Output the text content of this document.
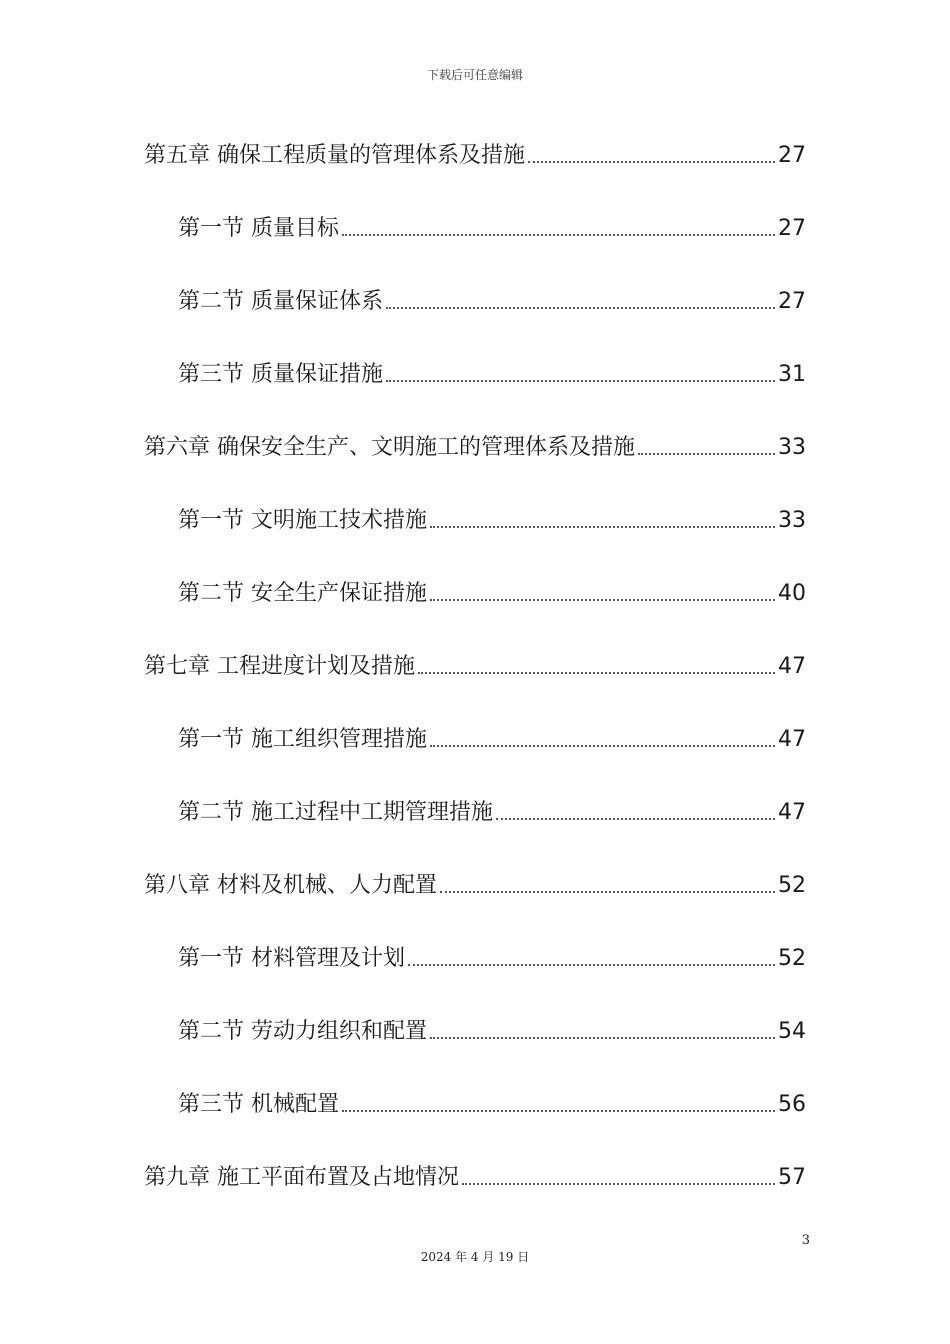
下载后可任意编辑
第五章 确保工程质量的管理体系及措施	27
第一节 质量目标	27
第二节 质量保证体系	27
第三节 质量保证措施	31
第六章 确保安全生产、文明施工的管理体系及措施	33
第一节 文明施工技术措施	33
第二节 安全生产保证措施	40
第七章 工程进度计划及措施	47
第一节 施工组织管理措施	47
第二节 施工过程中工期管理措施	47
第八章 材料及机械、人力配置	52
第一节 材料管理及计划	52
第二节 劳动力组织和配置	54
第三节 机械配置	56
第九章 施工平面布置及占地情况	57
3
2024 年 4 月 19 日
